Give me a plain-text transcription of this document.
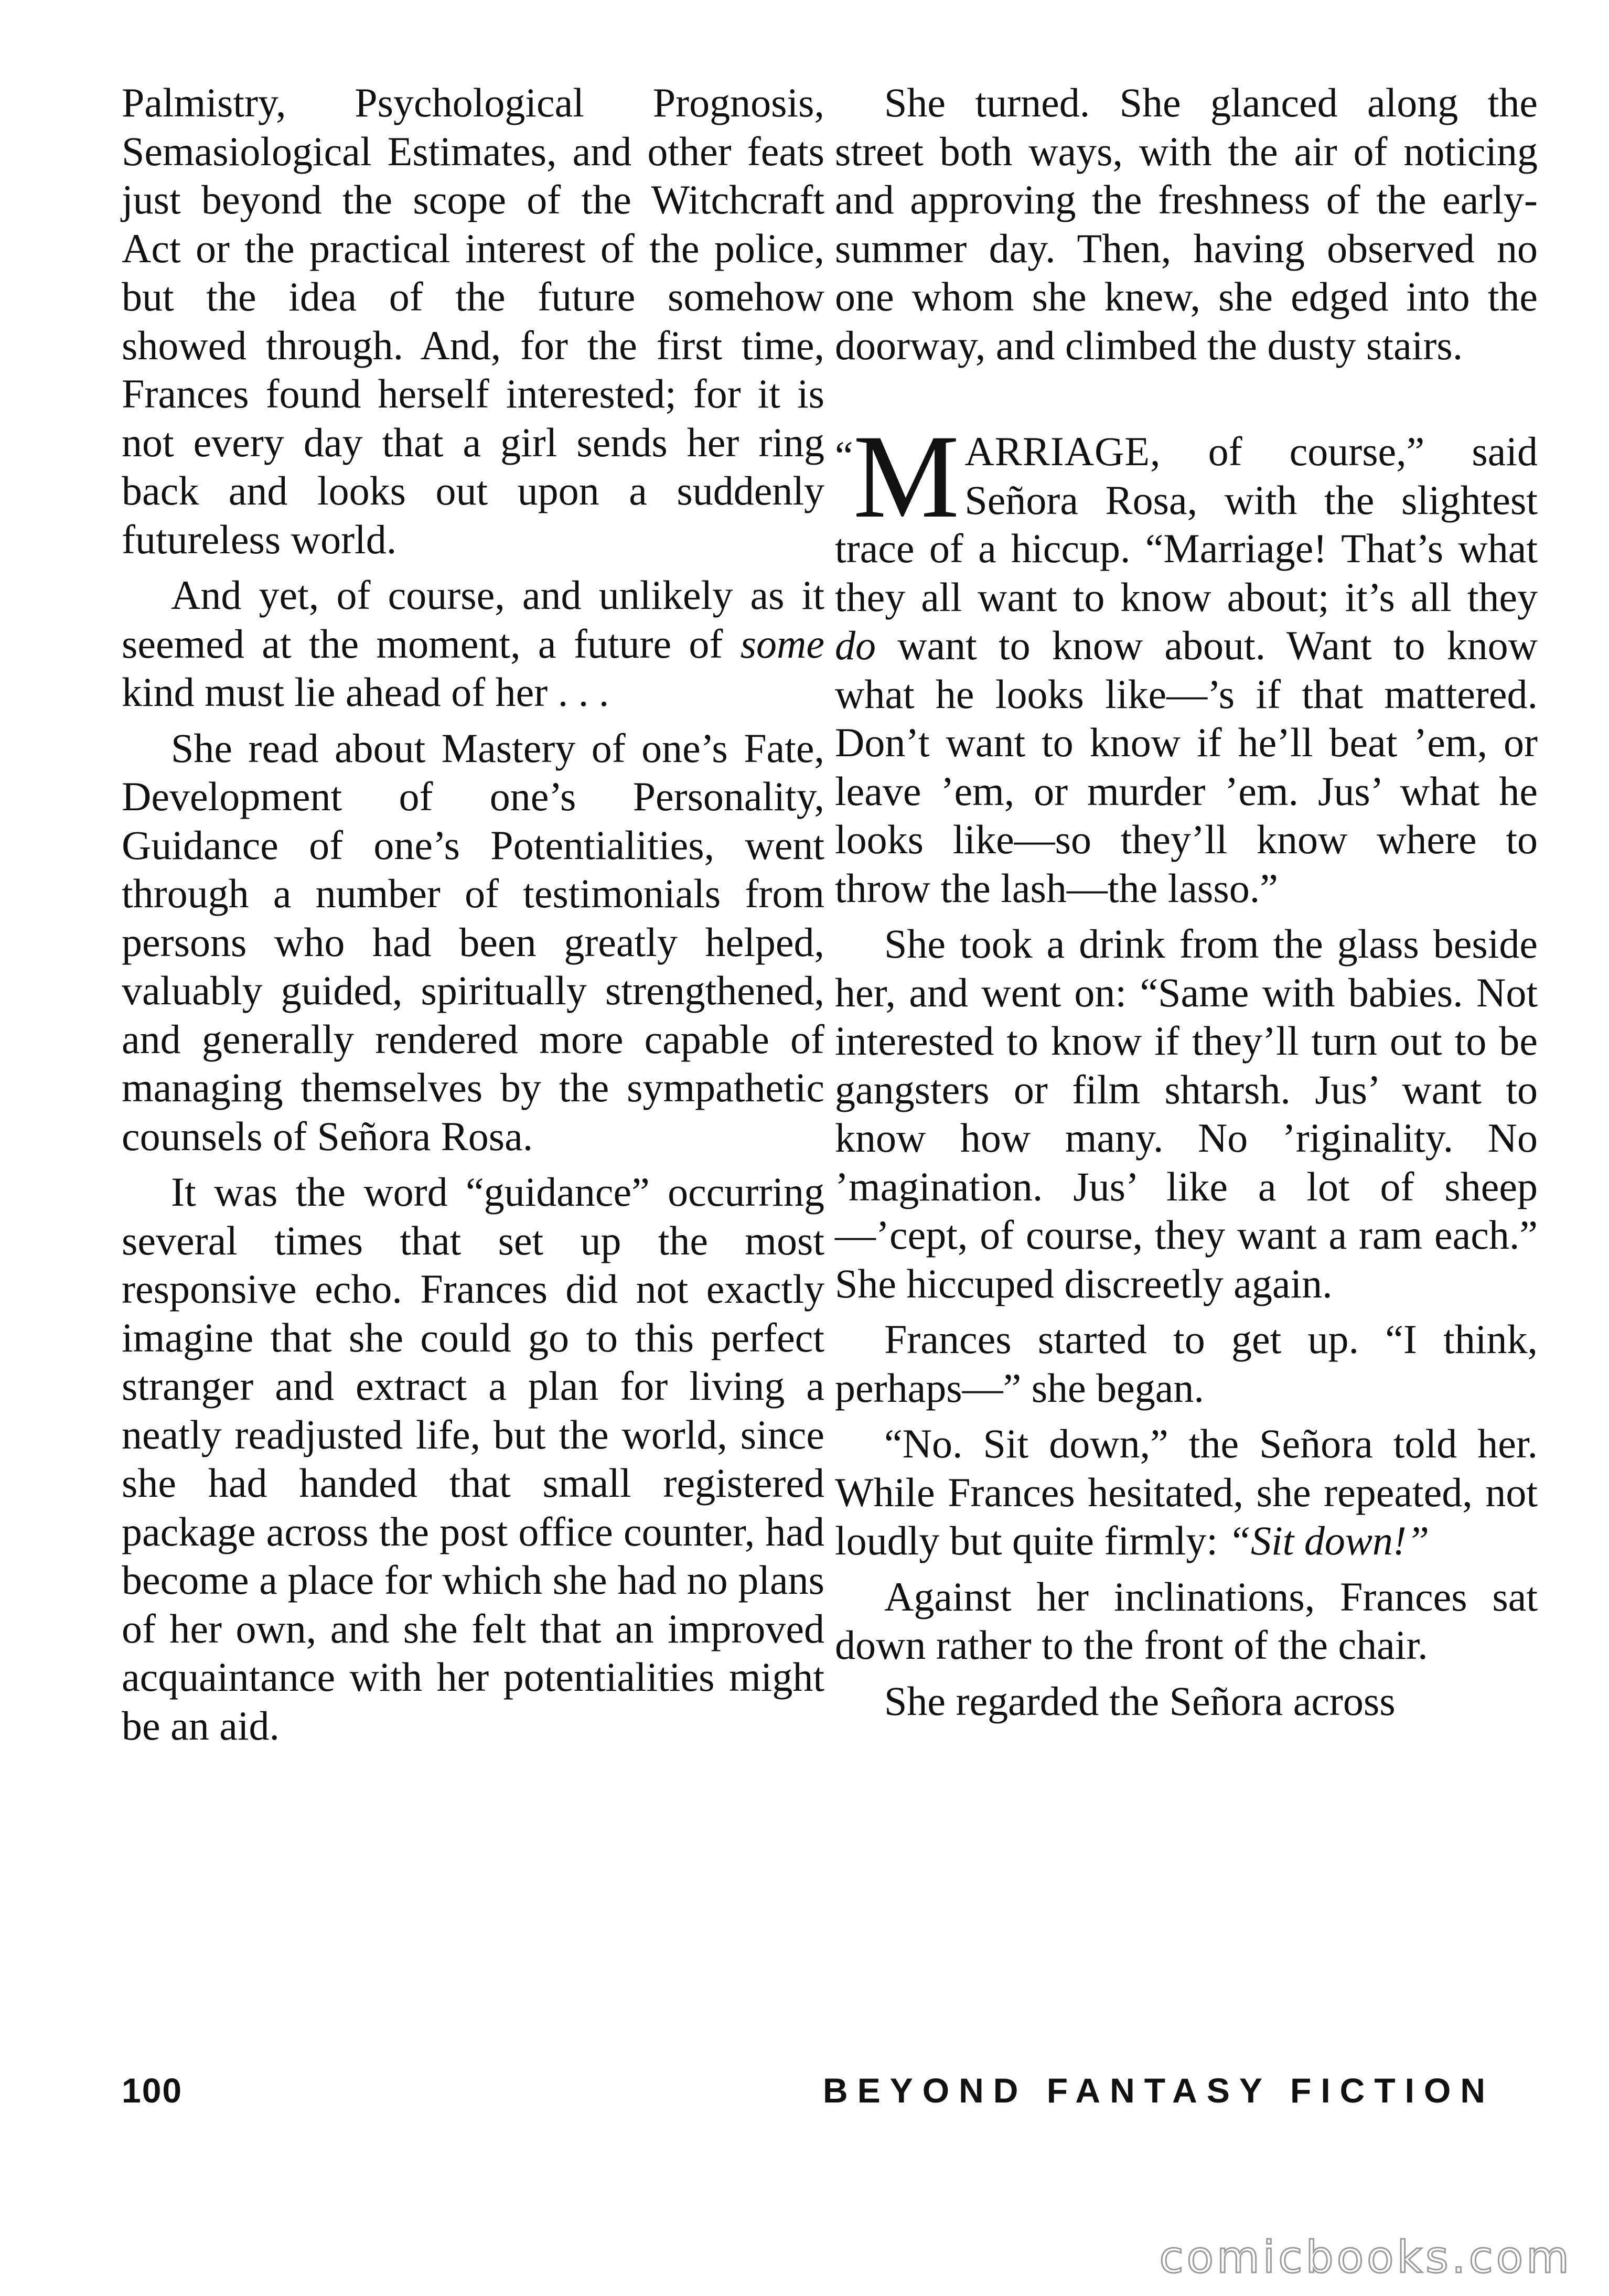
Palmistry, Psychological Prognosis, Semasiological Estimates, and other feats just beyond the scope of the Witchcraft Act or the practical interest of the police, but the idea of the future somehow showed through. And, for the first time, Frances found herself interested; for it is not every day that a girl sends her ring back and looks out upon a suddenly futureless world.

And yet, of course, and unlikely as it seemed at the moment, a future of some kind must lie ahead of her . . .

She read about Mastery of one’s Fate, Development of one’s Personality, Guidance of one’s Potentialities, went through a number of testimonials from persons who had been greatly helped, valuably guided, spiritually strengthened, and generally rendered more capable of managing themselves by the sympathetic counsels of Señora Rosa.

It was the word “guidance” occurring several times that set up the most responsive echo. Frances did not exactly imagine that she could go to this perfect stranger and extract a plan for living a neatly readjusted life, but the world, since she had handed that small registered package across the post office counter, had become a place for which she had no plans of her own, and she felt that an improved acquaintance with her potentialities might be an aid.

She turned. She glanced along the street both ways, with the air of noticing and approving the freshness of the early-summer day. Then, having observed no one whom she knew, she edged into the doorway, and climbed the dusty stairs.

“M ARRIAGE, of course,” said Señora Rosa, with the slightest trace of a hiccup. “Marriage! That’s what they all want to know about; it’s all they do want to know about. Want to know what he looks like—’s if that mattered. Don’t want to know if he’ll beat ’em, or leave ’em, or murder ’em. Jus’ what he looks like—so they’ll know where to throw the lash—the lasso.”

She took a drink from the glass beside her, and went on: “Same with babies. Not interested to know if they’ll turn out to be gangsters or film shtarsh. Jus’ want to know how many. No ’riginality. No ’magination. Jus’ like a lot of sheep—’cept, of course, they want a ram each.” She hiccuped discreetly again.

Frances started to get up. “I think, perhaps—” she began.

“No. Sit down,” the Señora told her. While Frances hesitated, she repeated, not loudly but quite firmly: “Sit down!”

Against her inclinations, Frances sat down rather to the front of the chair.

She regarded the Señora across

100	BEYOND FANTASY FICTION
comicbooks.com
